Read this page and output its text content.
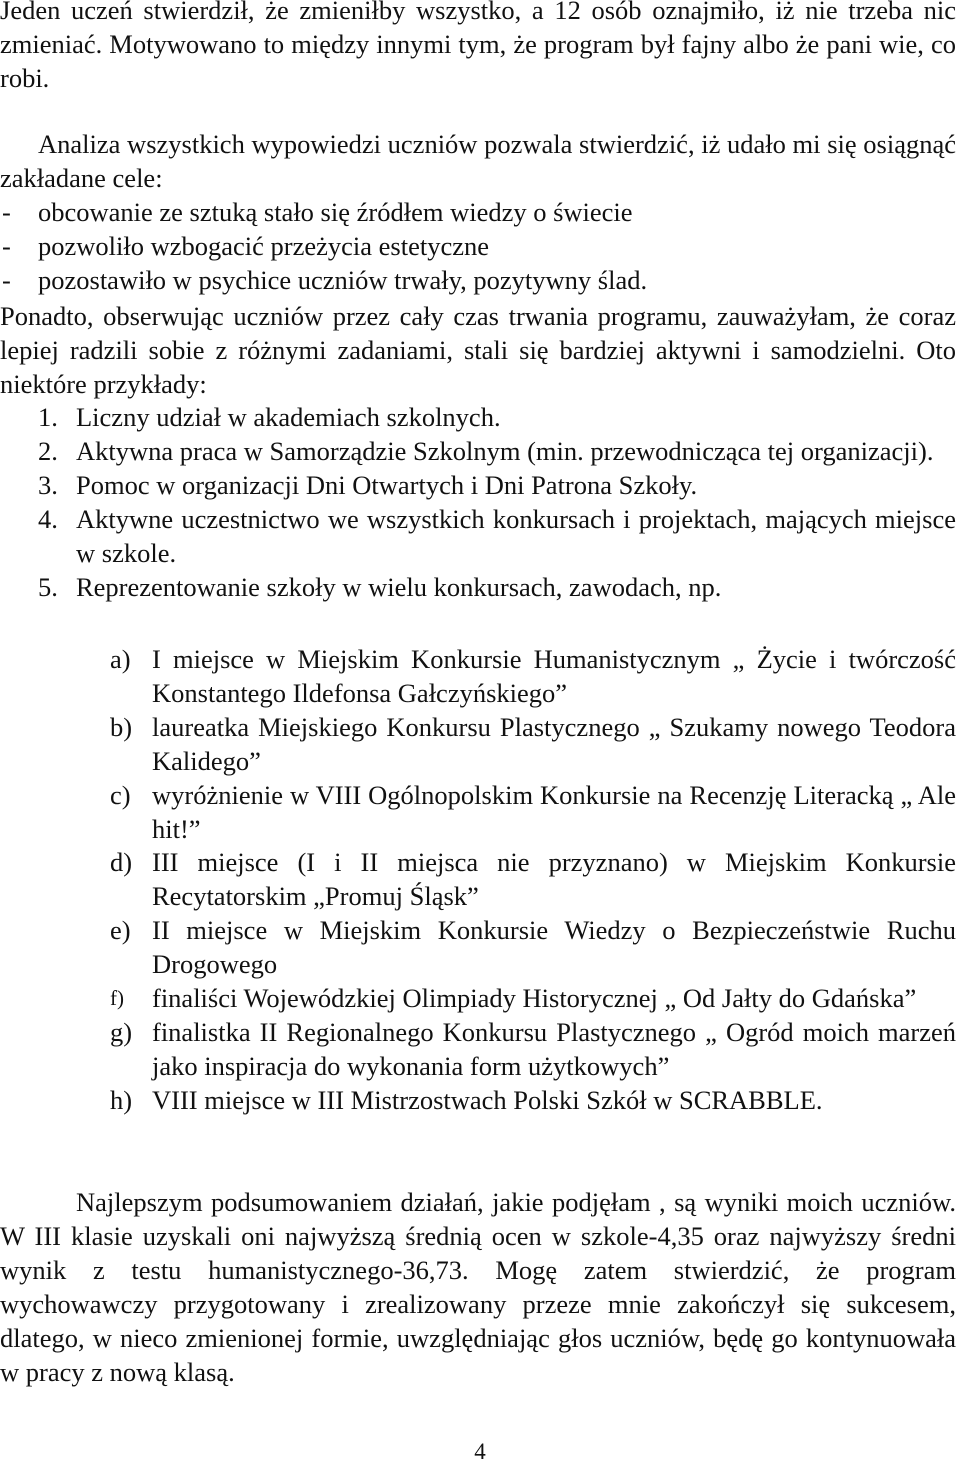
Jeden uczeń stwierdził, że zmieniłby wszystko, a 12 osób oznajmiło, iż nie trzeba nic zmieniać. Motywowano to między innymi tym, że program był fajny albo że pani wie, co robi.

Analiza wszystkich wypowiedzi uczniów pozwala stwierdzić, iż udało mi się osiągnąć zakładane cele:

- obcowanie ze sztuką stało się źródłem wiedzy o świecie
- pozwoliło wzbogacić przeżycia estetyczne
- pozostawiło w psychice uczniów trwały, pozytywny ślad.

Ponadto, obserwując uczniów przez cały czas trwania programu, zauważyłam, że coraz lepiej radzili sobie z różnymi zadaniami, stali się bardziej aktywni i samodzielni. Oto niektóre przykłady:

1. Liczny udział w akademiach szkolnych.
2. Aktywna praca w Samorządzie Szkolnym (min. przewodnicząca tej organizacji).
3. Pomoc w organizacji Dni Otwartych i Dni Patrona Szkoły.
4. Aktywne uczestnictwo we wszystkich konkursach i projektach, mających miejsce w szkole.
5. Reprezentowanie szkoły w wielu konkursach, zawodach, np.
a) I miejsce w Miejskim Konkursie Humanistycznym „ Życie i twórczość Konstantego Ildefonsa Gałczyńskiego”
b) laureatka Miejskiego Konkursu Plastycznego „ Szukamy nowego Teodora Kalidego”
c) wyróżnienie w VIII Ogólnopolskim Konkursie na Recenzję Literacką „ Ale hit!”
d) III miejsce (I i II miejsca nie przyznano) w Miejskim Konkursie Recytatorskim „Promuj Śląsk”
e) II miejsce w Miejskim Konkursie Wiedzy o Bezpieczeństwie Ruchu Drogowego
f) finaliści Wojewódzkiej Olimpiady Historycznej „ Od Jałty do Gdańska”
g) finalistka II Regionalnego Konkursu Plastycznego „ Ogród moich marzeń jako inspiracja do wykonania form użytkowych”
h) VIII miejsce w III Mistrzostwach Polski Szkół w SCRABBLE.

Najlepszym podsumowaniem działań, jakie podjęłam , są wyniki moich uczniów. W III klasie uzyskali oni najwyższą średnią ocen w szkole-4,35 oraz najwyższy średni wynik z testu humanistycznego-36,73. Mogę zatem stwierdzić, że program wychowawczy przygotowany i zrealizowany przeze mnie zakończył się sukcesem, dlatego, w nieco zmienionej formie, uwzględniając głos uczniów, będę go kontynuowała w pracy z nową klasą.

4
